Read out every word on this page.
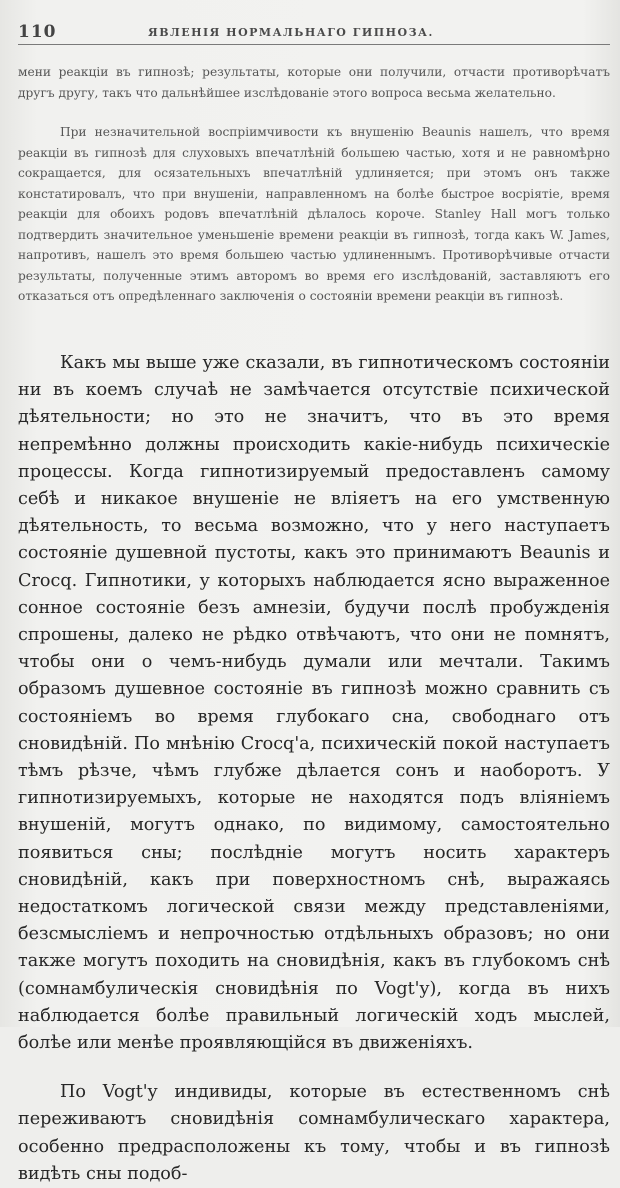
110	ЯВЛЕНІЯ НОРМАЛЬНАГО ГИПНОЗА.

мени реакціи въ гипнозѣ; результаты, которые они получили, отчасти противорѣчатъ другъ другу, такъ что дальнѣйшее изслѣдованіе этого вопроса весьма желательно.

При незначительной воспріимчивости къ внушенію Beaunis нашелъ, что время реакціи въ гипнозѣ для слуховыхъ впечатлѣній большею частью, хотя и не равномѣрно сокращается, для осязательныхъ впечатлѣній удлиняется; при этомъ онъ также констатировалъ, что при внушеніи, направленномъ на болѣе быстрое восріятіе, время реакціи для обоихъ родовъ впечатлѣній дѣлалось короче. Stanley Hall могъ только подтвердить значительное уменьшеніе времени реакціи въ гипнозѣ, тогда какъ W. James, напротивъ, нашелъ это время большею частью удлиненнымъ. Противорѣчивые отчасти результаты, полученные этимъ авторомъ во время его изслѣдованій, заставляютъ его отказаться отъ опредѣленнаго заключенія о состояніи времени реакціи въ гипнозѣ.

Какъ мы выше уже сказали, въ гипнотическомъ состояніи ни въ коемъ случаѣ не замѣчается отсутствіе психической дѣятельности; но это не значитъ, что въ это время непремѣнно должны происходить какіе-нибудь психическіе процессы. Когда гипнотизируемый предоставленъ самому себѣ и никакое внушеніе не вліяетъ на его умственную дѣятельность, то весьма возможно, что у него наступаетъ состояніе душевной пустоты, какъ это принимаютъ Beaunis и Crocq. Гипнотики, у которыхъ наблюдается ясно выраженное сонное состояніе безъ амнезіи, будучи послѣ пробужденія спрошены, далеко не рѣдко отвѣчаютъ, что они не помнятъ, чтобы они о чемъ-нибудь думали или мечтали. Такимъ образомъ душевное состояніе въ гипнозѣ можно сравнить съ состояніемъ во время глубокаго сна, свободнаго отъ сновидѣній. По мнѣнію Crocq'a, психическій покой наступаетъ тѣмъ рѣзче, чѣмъ глубже дѣлается сонъ и наоборотъ. У гипнотизируемыхъ, которые не находятся подъ вліяніемъ внушеній, могутъ однако, по видимому, самостоятельно появиться сны; послѣдніе могутъ носить характеръ сновидѣній, какъ при поверхностномъ снѣ, выражаясь недостаткомъ логической связи между представленіями, безсмысліемъ и непрочностью отдѣльныхъ образовъ; но они также могутъ походить на сновидѣнія, какъ въ глубокомъ снѣ (сомнамбулическія сновидѣнія по Vogt'y), когда въ нихъ наблюдается болѣе правильный логическій ходъ мыслей, болѣе или менѣе проявляющійся въ движеніяхъ.

По Vogt'y индивиды, которые въ естественномъ снѣ переживаютъ сновидѣнія сомнамбулическаго характера, особенно предрасположены къ тому, чтобы и въ гипнозѣ видѣть сны подоб-
